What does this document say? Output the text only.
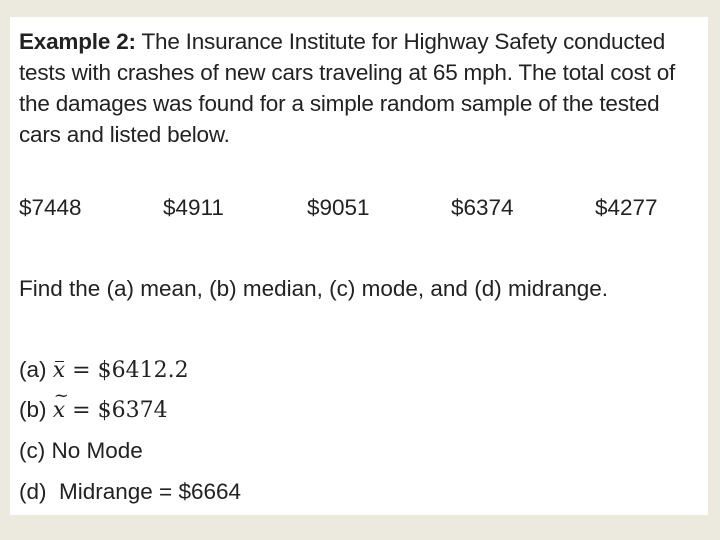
Example 2: The Insurance Institute for Highway Safety conducted tests with crashes of new cars traveling at 65 mph. The total cost of the damages was found for a simple random sample of the tested cars and listed below.

$7448	$4911	$9051	$6374	$4277

Find the (a) mean, (b) median, (c) mode, and (d) midrange.

(a) x = $6412.2
(b) ~ x = $6374
(c) No Mode
(d)  Midrange = $6664
